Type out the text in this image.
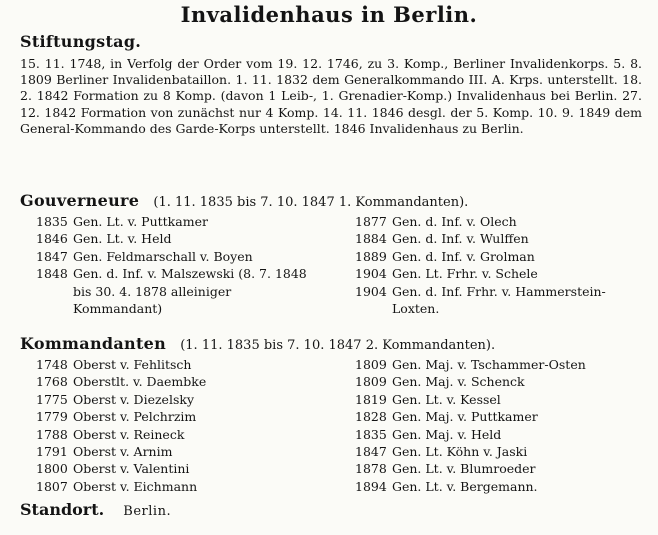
Invalidenhaus in Berlin.
Stiftungstag.

15. 11. 1748, in Verfolg der Order vom 19. 12. 1746, zu 3. Komp., Berliner Invalidenkorps. 5. 8. 1809 Berliner Invalidenbataillon. 1. 11. 1832 dem Generalkommando III. A. Krps. unterstellt. 18. 2. 1842 Formation zu 8 Komp. (davon 1 Leib-, 1. Grenadier-Komp.) Invalidenhaus bei Berlin. 27. 12. 1842 Formation von zunächst nur 4 Komp. 14. 11. 1846 desgl. der 5. Komp. 10. 9. 1849 dem General-Kommando des Garde-Korps unterstellt. 1846 Invalidenhaus zu Berlin.

Gouverneure (1. 11. 1835 bis 7. 10. 1847 1. Kommandanten).
1835 Gen. Lt. v. Puttkamer
1846 Gen. Lt. v. Held
1847 Gen. Feldmarschall v. Boyen
1848 Gen. d. Inf. v. Malszewski (8. 7. 1848 bis 30. 4. 1878 alleiniger Kommandant)
1877 Gen. d. Inf. v. Olech
1884 Gen. d. Inf. v. Wulffen
1889 Gen. d. Inf. v. Grolman
1904 Gen. Lt. Frhr. v. Schele
1904 Gen. d. Inf. Frhr. v. Hammerstein-Loxten.
Kommandanten (1. 11. 1835 bis 7. 10. 1847 2. Kommandanten).
1748 Oberst v. Fehlitsch
1768 Oberstlt. v. Daembke
1775 Oberst v. Diezelsky
1779 Oberst v. Pelchrzim
1788 Oberst v. Reineck
1791 Oberst v. Arnim
1800 Oberst v. Valentini
1807 Oberst v. Eichmann
1809 Gen. Maj. v. Tschammer-Osten
1809 Gen. Maj. v. Schenck
1819 Gen. Lt. v. Kessel
1828 Gen. Maj. v. Puttkamer
1835 Gen. Maj. v. Held
1847 Gen. Lt. Köhn v. Jaski
1878 Gen. Lt. v. Blumroeder
1894 Gen. Lt. v. Bergemann.
Standort. Berlin.
